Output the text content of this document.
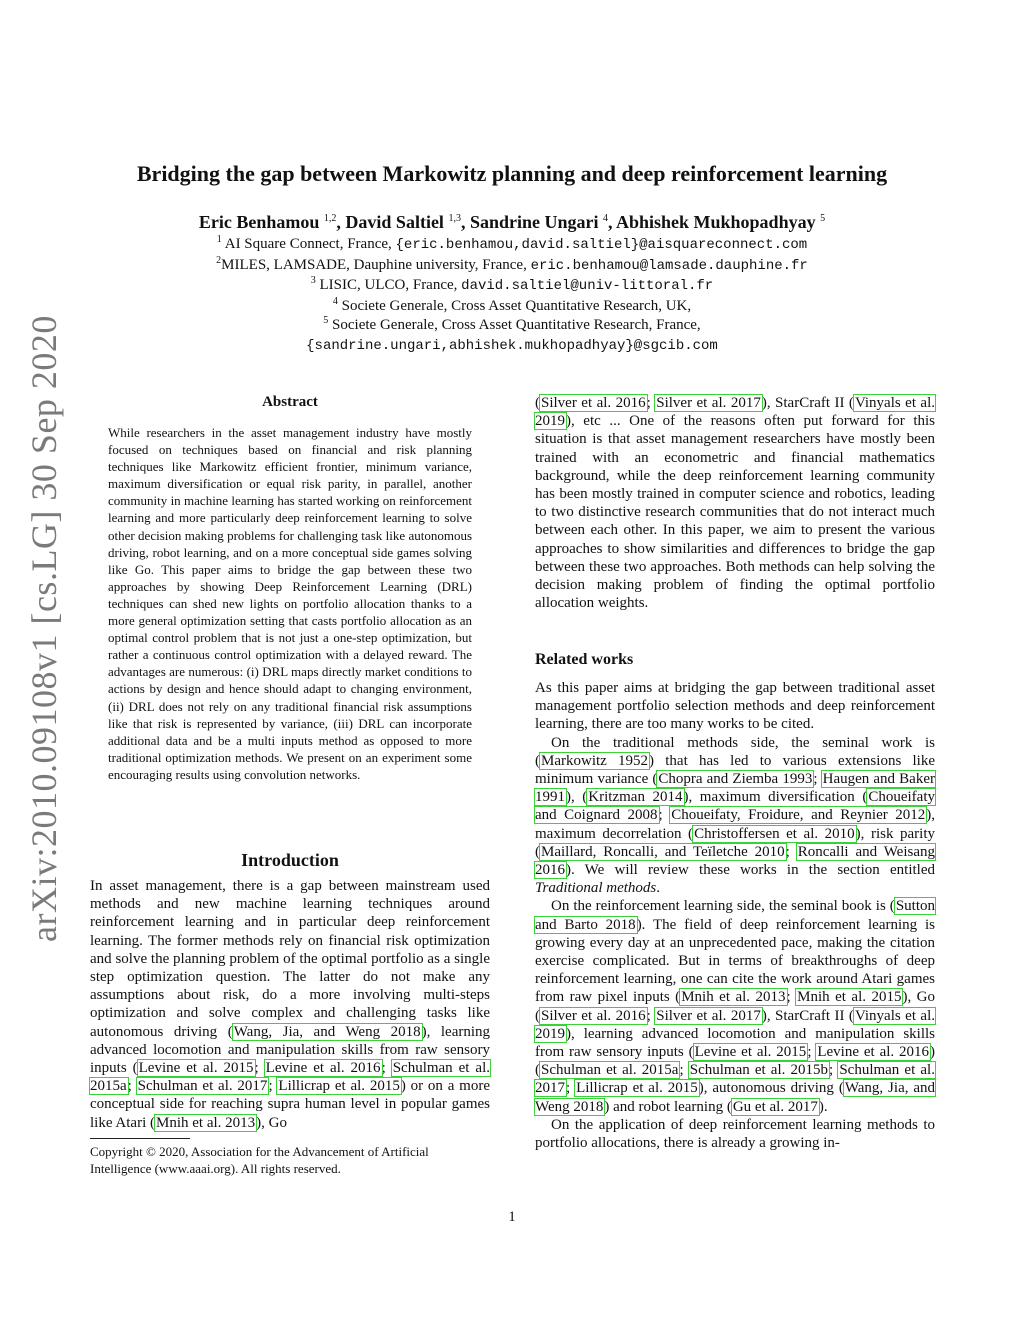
arXiv:2010.09108v1 [cs.LG] 30 Sep 2020
Bridging the gap between Markowitz planning and deep reinforcement learning
Eric Benhamou $^{1,2}$, David Saltiel $^{1,3}$, Sandrine Ungari $^4$, Abhishek Mukhopadhyay $^5$
$^1$ AI Square Connect, France, {eric.benhamou,david.saltiel}@aisquareconnect.com
$^2$MILES, LAMSADE, Dauphine university, France, eric.benhamou@lamsade.dauphine.fr
$^3$ LISIC, ULCO, France, david.saltiel@univ-littoral.fr
$^4$ Societe Generale, Cross Asset Quantitative Research, UK,
$^5$ Societe Generale, Cross Asset Quantitative Research, France,
{sandrine.ungari,abhishek.mukhopadhyay}@sgcib.com
Abstract

While researchers in the asset management industry have mostly focused on techniques based on financial and risk planning techniques like Markowitz efficient frontier, minimum variance, maximum diversification or equal risk parity, in parallel, another community in machine learning has started working on reinforcement learning and more particularly deep reinforcement learning to solve other decision making problems for challenging task like autonomous driving, robot learning, and on a more conceptual side games solving like Go. This paper aims to bridge the gap between these two approaches by showing Deep Reinforcement Learning (DRL) techniques can shed new lights on portfolio allocation thanks to a more general optimization setting that casts portfolio allocation as an optimal control problem that is not just a one-step optimization, but rather a continuous control optimization with a delayed reward. The advantages are numerous: (i) DRL maps directly market conditions to actions by design and hence should adapt to changing environment, (ii) DRL does not rely on any traditional financial risk assumptions like that risk is represented by variance, (iii) DRL can incorporate additional data and be a multi inputs method as opposed to more traditional optimization methods. We present on an experiment some encouraging results using convolution networks.

Introduction

In asset management, there is a gap between mainstream used methods and new machine learning techniques around reinforcement learning and in particular deep reinforcement learning. The former methods rely on financial risk optimization and solve the planning problem of the optimal portfolio as a single step optimization question. The latter do not make any assumptions about risk, do a more involving multi-steps optimization and solve complex and challenging tasks like autonomous driving (Wang, Jia, and Weng 2018), learning advanced locomotion and manipulation skills from raw sensory inputs (Levine et al. 2015; Levine et al. 2016; Schulman et al. 2015a; Schulman et al. 2017; Lillicrap et al. 2015) or on a more conceptual side for reaching supra human level in popular games like Atari (Mnih et al. 2013), Go

Copyright © 2020, Association for the Advancement of Artificial Intelligence (www.aaai.org). All rights reserved.

(Silver et al. 2016; Silver et al. 2017), StarCraft II (Vinyals et al. 2019), etc ... One of the reasons often put forward for this situation is that asset management researchers have mostly been trained with an econometric and financial mathematics background, while the deep reinforcement learning community has been mostly trained in computer science and robotics, leading to two distinctive research communities that do not interact much between each other. In this paper, we aim to present the various approaches to show similarities and differences to bridge the gap between these two approaches. Both methods can help solving the decision making problem of finding the optimal portfolio allocation weights.

Related works

As this paper aims at bridging the gap between traditional asset management portfolio selection methods and deep reinforcement learning, there are too many works to be cited.

On the traditional methods side, the seminal work is (Markowitz 1952) that has led to various extensions like minimum variance (Chopra and Ziemba 1993; Haugen and Baker 1991), (Kritzman 2014), maximum diversification (Choueifaty and Coignard 2008; Choueifaty, Froidure, and Reynier 2012), maximum decorrelation (Christoffersen et al. 2010), risk parity (Maillard, Roncalli, and Teïletche 2010; Roncalli and Weisang 2016). We will review these works in the section entitled Traditional methods.

On the reinforcement learning side, the seminal book is (Sutton and Barto 2018). The field of deep reinforcement learning is growing every day at an unprecedented pace, making the citation exercise complicated. But in terms of breakthroughs of deep reinforcement learning, one can cite the work around Atari games from raw pixel inputs (Mnih et al. 2013; Mnih et al. 2015), Go (Silver et al. 2016; Silver et al. 2017), StarCraft II (Vinyals et al. 2019), learning advanced locomotion and manipulation skills from raw sensory inputs (Levine et al. 2015; Levine et al. 2016) (Schulman et al. 2015a; Schulman et al. 2015b; Schulman et al. 2017; Lillicrap et al. 2015), autonomous driving (Wang, Jia, and Weng 2018) and robot learning (Gu et al. 2017).

On the application of deep reinforcement learning methods to portfolio allocations, there is already a growing in-

1
